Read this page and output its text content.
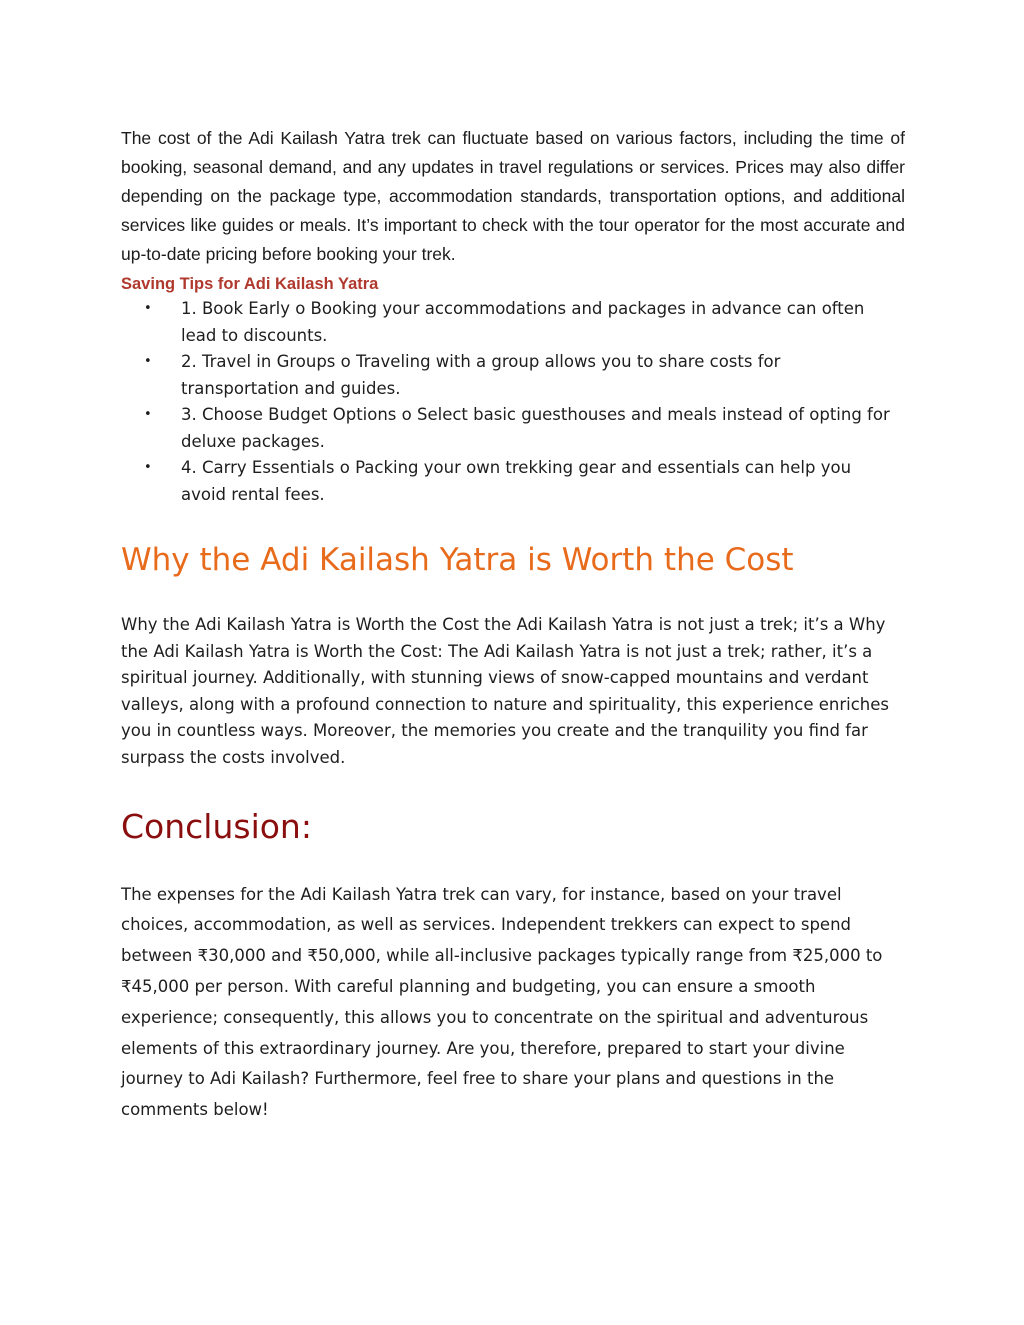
The cost of the Adi Kailash Yatra trek can fluctuate based on various factors, including the time of booking, seasonal demand, and any updates in travel regulations or services. Prices may also differ depending on the package type, accommodation standards, transportation options, and additional services like guides or meals. It’s important to check with the tour operator for the most accurate and up-to-date pricing before booking your trek.

Saving Tips for Adi Kailash Yatra
• 1. Book Early o Booking your accommodations and packages in advance can often lead to discounts.
• 2. Travel in Groups o Traveling with a group allows you to share costs for transportation and guides.
• 3. Choose Budget Options o Select basic guesthouses and meals instead of opting for deluxe packages.
• 4. Carry Essentials o Packing your own trekking gear and essentials can help you avoid rental fees.
Why the Adi Kailash Yatra is Worth the Cost

Why the Adi Kailash Yatra is Worth the Cost the Adi Kailash Yatra is not just a trek; it’s a Why the Adi Kailash Yatra is Worth the Cost: The Adi Kailash Yatra is not just a trek; rather, it’s a spiritual journey. Additionally, with stunning views of snow-capped mountains and verdant valleys, along with a profound connection to nature and spirituality, this experience enriches you in countless ways. Moreover, the memories you create and the tranquility you find far surpass the costs involved.

Conclusion:

The expenses for the Adi Kailash Yatra trek can vary, for instance, based on your travel choices, accommodation, as well as services. Independent trekkers can expect to spend between ₹30,000 and ₹50,000, while all-inclusive packages typically range from ₹25,000 to ₹45,000 per person. With careful planning and budgeting, you can ensure a smooth experience; consequently, this allows you to concentrate on the spiritual and adventurous elements of this extraordinary journey. Are you, therefore, prepared to start your divine journey to Adi Kailash? Furthermore, feel free to share your plans and questions in the comments below!
